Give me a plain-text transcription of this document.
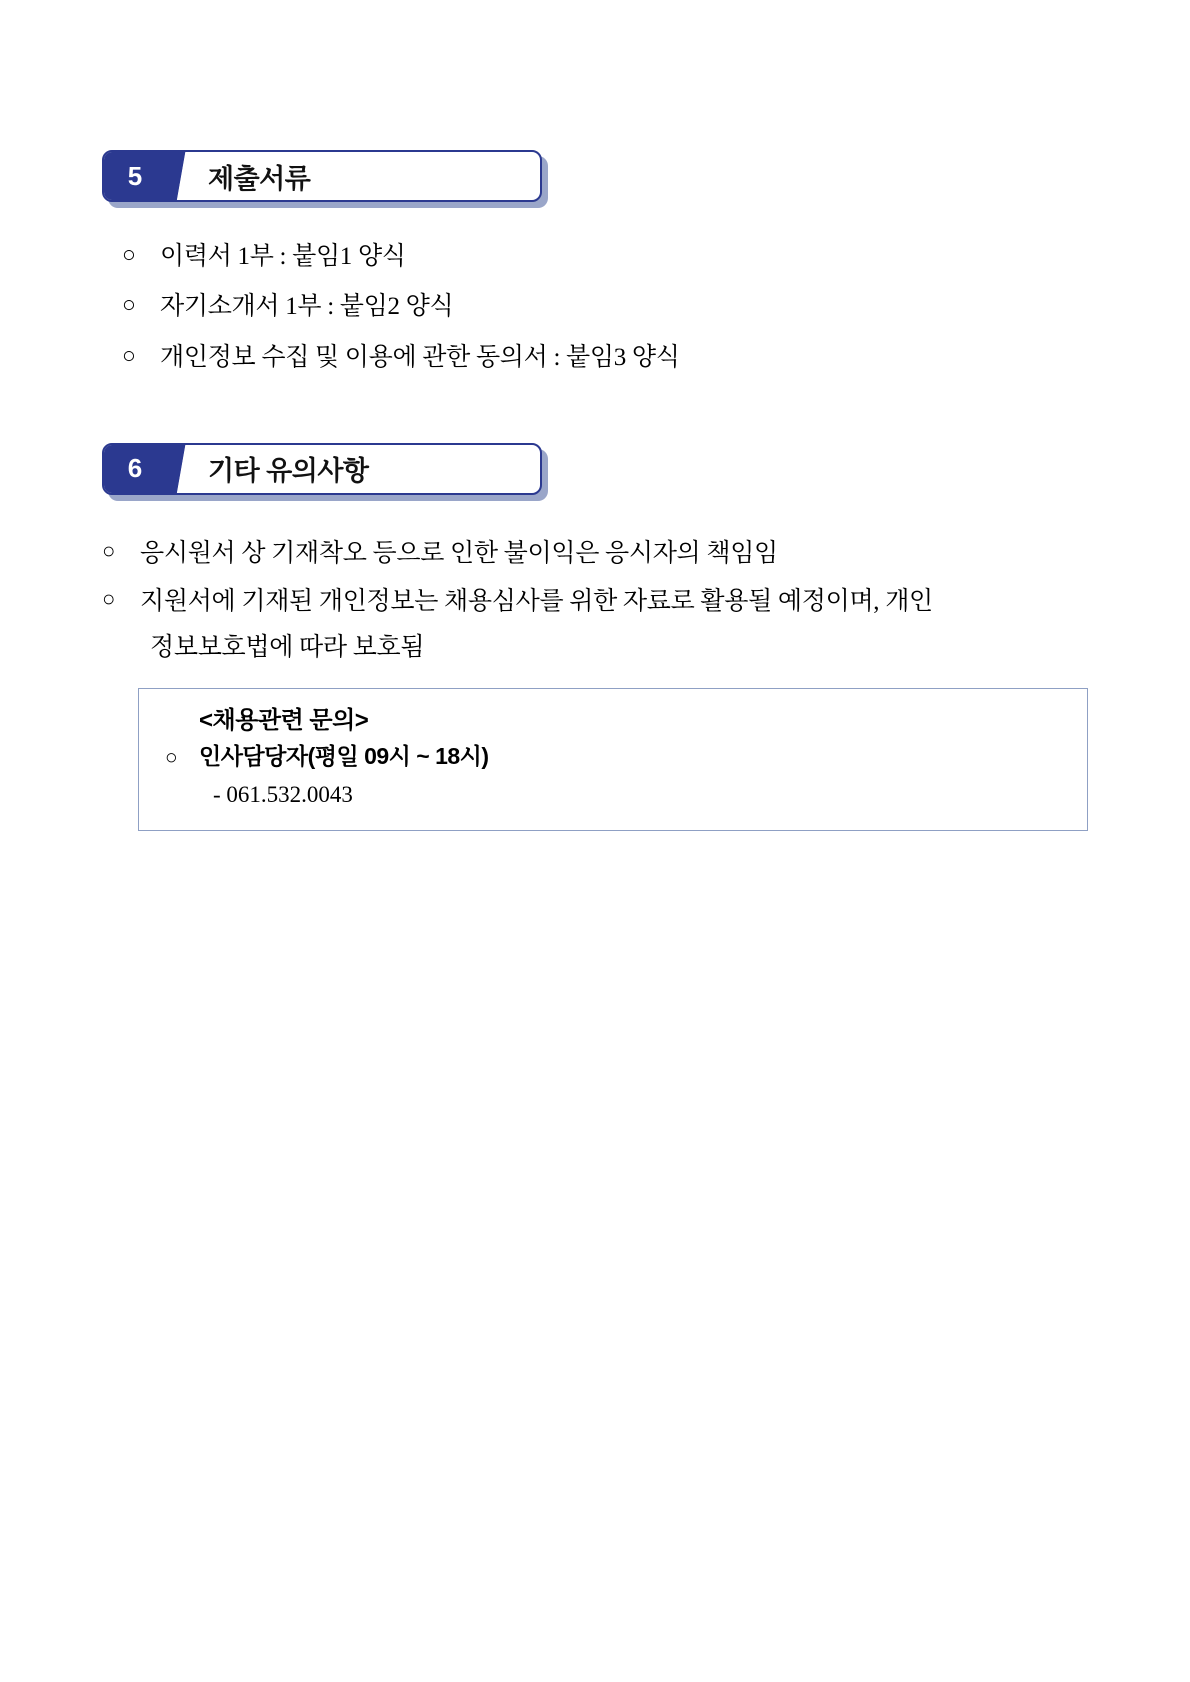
5	제출서류
○ 이력서 1부 : 붙임1 양식
○ 자기소개서 1부 : 붙임2 양식
○ 개인정보 수집 및 이용에 관한 동의서 : 붙임3 양식
6	기타 유의사항
○	응시원서 상 기재착오 등으로 인한 불이익은 응시자의 책임임
○	지원서에 기재된 개인정보는 채용심사를 위한 자료로 활용될 예정이며, 개인
정보보호법에 따라 보호됨
<채용관련 문의>
○ 인사담당자(평일 09시 ~ 18시)
- 061.532.0043
